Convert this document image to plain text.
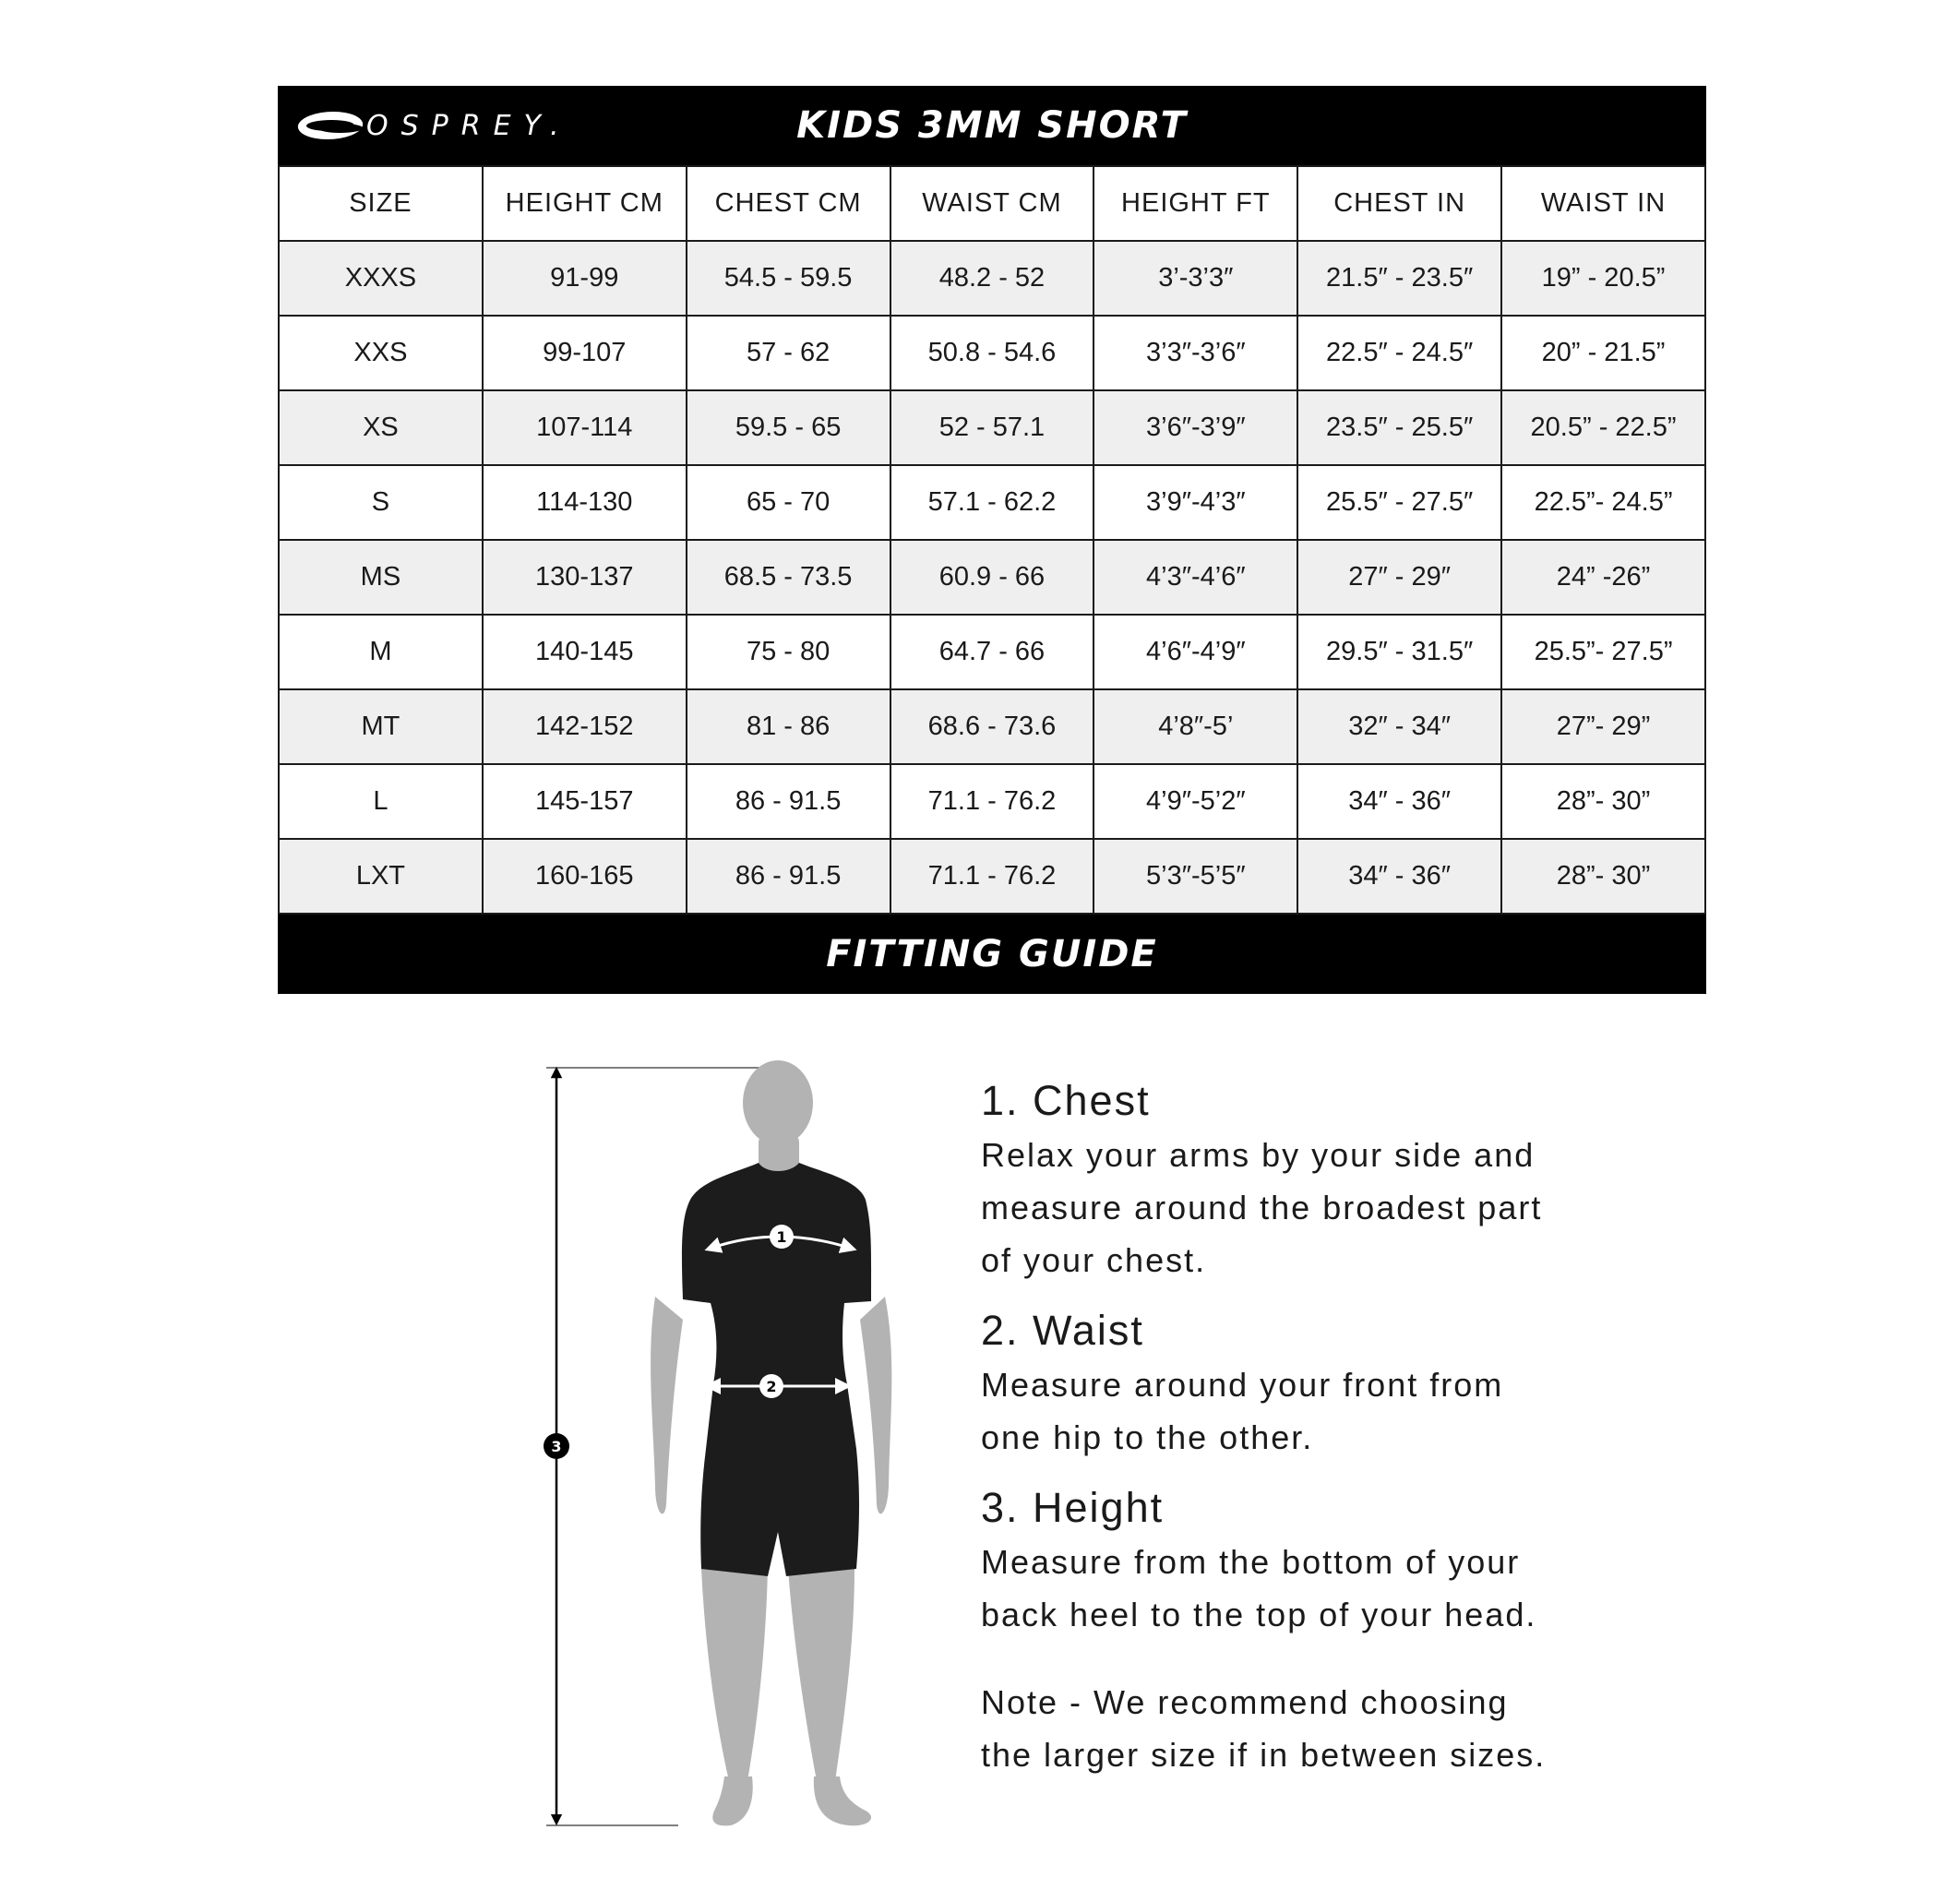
OSPREY.	KIDS 3MM SHORT
SIZE	HEIGHT CM	CHEST CM	WAIST CM	HEIGHT FT	CHEST IN	WAIST IN
XXXS	91-99	54.5 - 59.5	48.2 - 52	3’-3’3″	21.5″ - 23.5″	19” - 20.5”
XXS	99-107	57 - 62	50.8 - 54.6	3’3″-3’6″	22.5″ - 24.5″	20” - 21.5”
XS	107-114	59.5 - 65	52 - 57.1	3’6″-3’9″	23.5″ - 25.5″	20.5” - 22.5”
S	114-130	65 - 70	57.1 - 62.2	3’9″-4’3″	25.5″ - 27.5″	22.5”- 24.5”
MS	130-137	68.5 - 73.5	60.9 - 66	4’3″-4’6″	27″ - 29″	24” -26”
M	140-145	75 - 80	64.7 - 66	4’6″-4’9″	29.5″ - 31.5″	25.5”- 27.5”
MT	142-152	81 - 86	68.6 - 73.6	4’8″-5’	32″ - 34″	27”- 29”
L	145-157	86 - 91.5	71.1 - 76.2	4’9″-5’2″	34″ - 36″	28”- 30”
LXT	160-165	86 - 91.5	71.1 - 76.2	5’3″-5’5″	34″ - 36″	28”- 30”
FITTING GUIDE
1
2
3
1. Chest
Relax your arms by your side and
measure around the broadest part
of your chest.
2. Waist
Measure around your front from
one hip to the other.
3. Height
Measure from the bottom of your
back heel to the top of your head.
Note - We recommend choosing
the larger size if in between sizes.
